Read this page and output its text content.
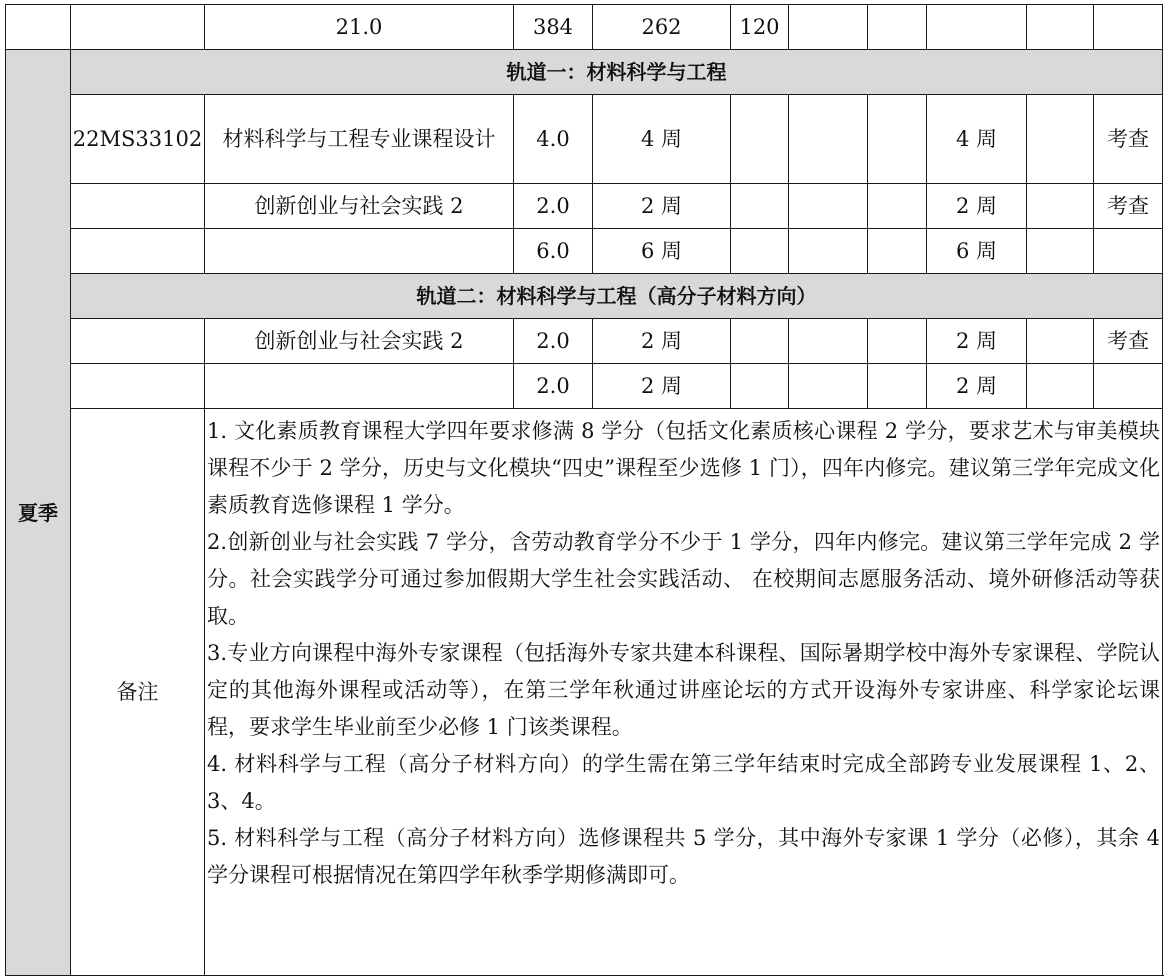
		21.0	384	262	120					
夏季	轨道一：材料科学与工程									
	22MS33102	材料科学与工程专业课程设计	4.0	4 周				4 周		考查
		创新创业与社会实践 2	2.0	2 周				2 周		考查
			6.0	6 周				6 周		
	轨道二：材料科学与工程（高分子材料方向）									
		创新创业与社会实践 2	2.0	2 周				2 周		考查
			2.0	2 周				2 周		
	备注	1. 文化素质教育课程大学四年要求修满 8 学分（包括文化素质核心课程 2 学分，要求艺术与审美模块课程不少于 2 学分，历史与文化模块“四史”课程至少选修 1 门），四年内修完。建议第三学年完成文化素质教育选修课程 1 学分。

2.创新创业与社会实践 7 学分，含劳动教育学分不少于 1 学分，四年内修完。建议第三学年完成 2 学分。社会实践学分可通过参加假期大学生社会实践活动、 在校期间志愿服务活动、境外研修活动等获取。

3.专业方向课程中海外专家课程（包括海外专家共建本科课程、国际暑期学校中海外专家课程、学院认定的其他海外课程或活动等），在第三学年秋通过讲座论坛的方式开设海外专家讲座、科学家论坛课程，要求学生毕业前至少必修 1 门该类课程。

4. 材料科学与工程（高分子材料方向）的学生需在第三学年结束时完成全部跨专业发展课程 1、2、3、4。

5. 材料科学与工程（高分子材料方向）选修课程共 5 学分，其中海外专家课 1 学分（必修），其余 4 学分课程可根据情况在第四学年秋季学期修满即可。								
